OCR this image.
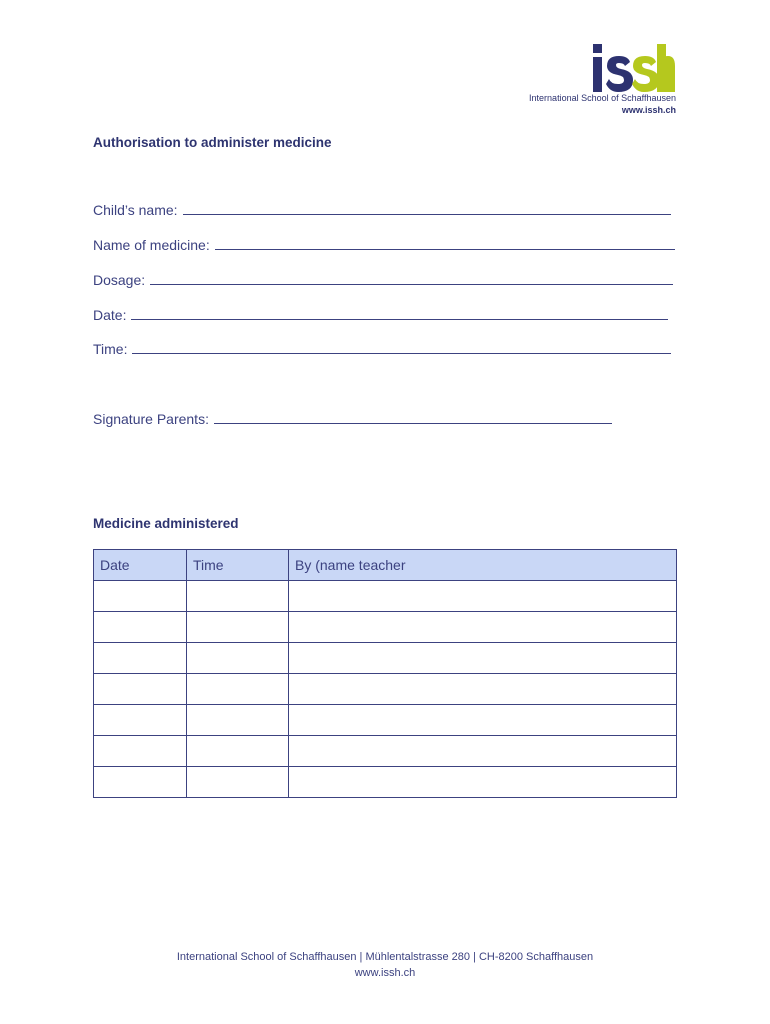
International School of Schaffhausen
www.issh.ch
Authorisation to administer medicine
Child’s name:
Name of medicine:
Dosage:
Date:
Time:
Signature Parents:
Medicine administered
Date	Time	By (name teacher

International School of Schaffhausen | Mühlentalstrasse 280 | CH-8200 Schaffhausen
www.issh.ch
